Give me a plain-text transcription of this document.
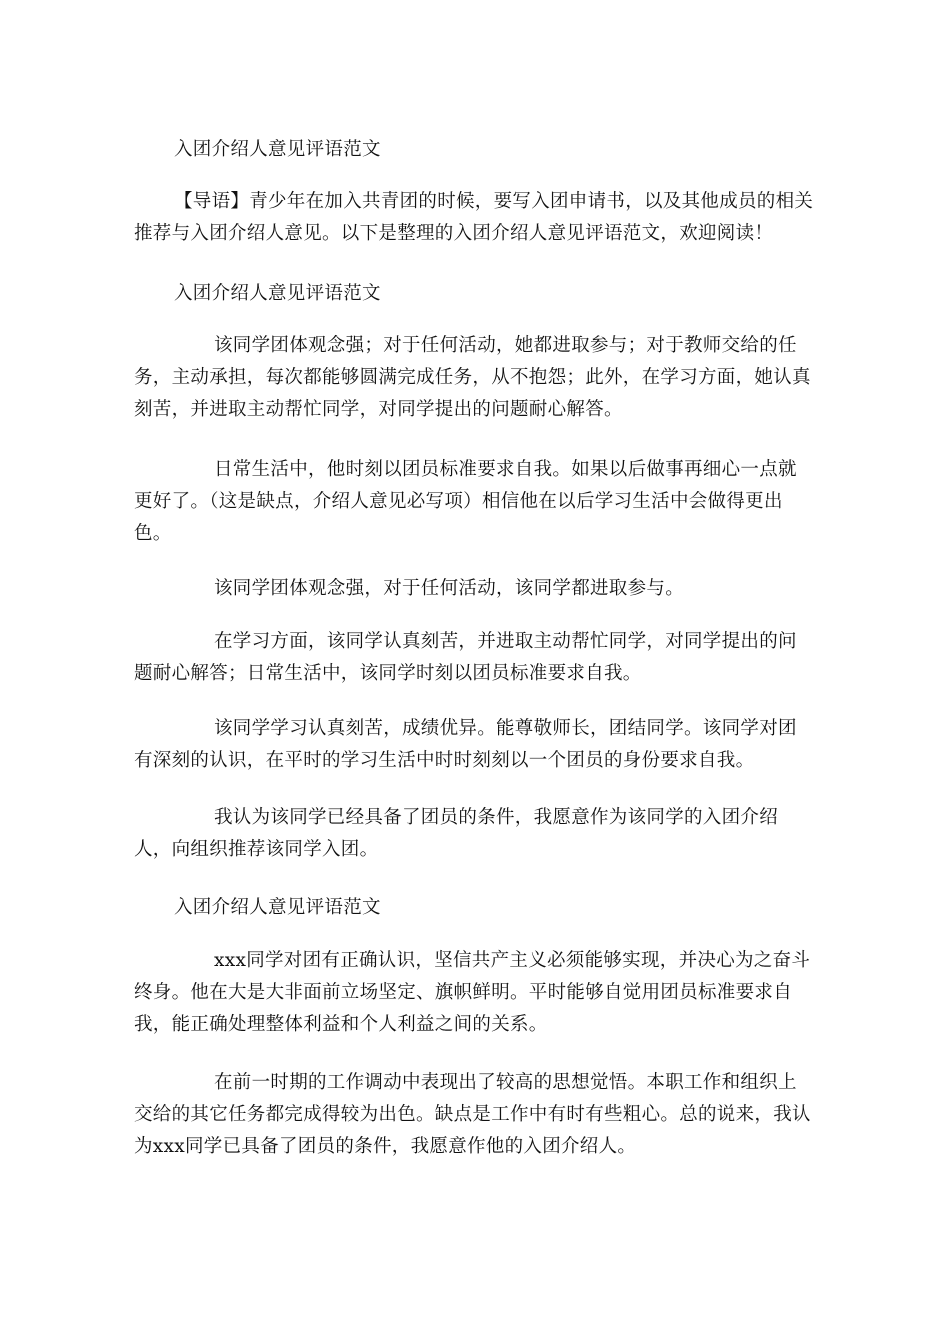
入团介绍人意见评语范文

【导语】青少年在加入共青团的时候，要写入团申请书，以及其他成员的相关推荐与入团介绍人意见。以下是整理的入团介绍人意见评语范文，欢迎阅读！

入团介绍人意见评语范文

该同学团体观念强；对于任何活动，她都进取参与；对于教师交给的任务，主动承担，每次都能够圆满完成任务，从不抱怨；此外，在学习方面，她认真刻苦，并进取主动帮忙同学，对同学提出的问题耐心解答。

日常生活中，他时刻以团员标准要求自我。如果以后做事再细心一点就更好了。（这是缺点，介绍人意见必写项）相信他在以后学习生活中会做得更出色。

该同学团体观念强，对于任何活动，该同学都进取参与。

在学习方面，该同学认真刻苦，并进取主动帮忙同学，对同学提出的问题耐心解答；日常生活中，该同学时刻以团员标准要求自我。

该同学学习认真刻苦，成绩优异。能尊敬师长，团结同学。该同学对团有深刻的认识，在平时的学习生活中时时刻刻以一个团员的身份要求自我。

我认为该同学已经具备了团员的条件，我愿意作为该同学的入团介绍人，向组织推荐该同学入团。

入团介绍人意见评语范文

xxx同学对团有正确认识，坚信共产主义必须能够实现，并决心为之奋斗终身。他在大是大非面前立场坚定、旗帜鲜明。平时能够自觉用团员标准要求自我，能正确处理整体利益和个人利益之间的关系。

在前一时期的工作调动中表现出了较高的思想觉悟。本职工作和组织上交给的其它任务都完成得较为出色。缺点是工作中有时有些粗心。总的说来，我认为xxx同学已具备了团员的条件，我愿意作他的入团介绍人。
